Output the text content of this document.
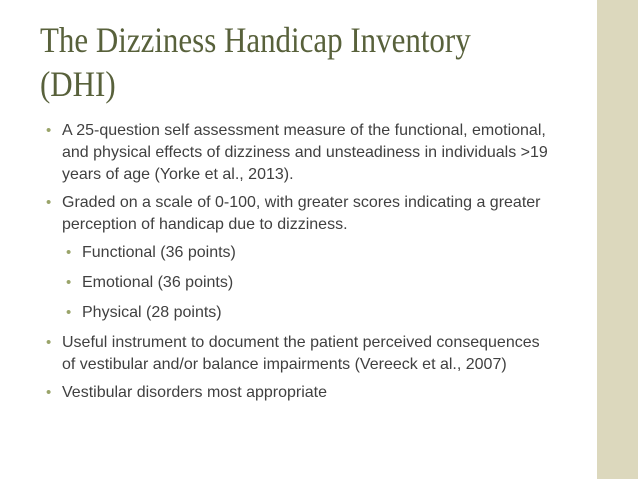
The Dizziness Handicap Inventory
(DHI)
• A 25-question self assessment measure of the functional, emotional, and physical effects of dizziness and unsteadiness in individuals >19 years of age (Yorke et al., 2013).
• Graded on a scale of 0-100, with greater scores indicating a greater perception of handicap due to dizziness.
• Functional (36 points)
• Emotional (36 points)
• Physical (28 points)
• Useful instrument to document the patient perceived consequences of vestibular and/or balance impairments (Vereeck et al., 2007)
• Vestibular disorders most appropriate
